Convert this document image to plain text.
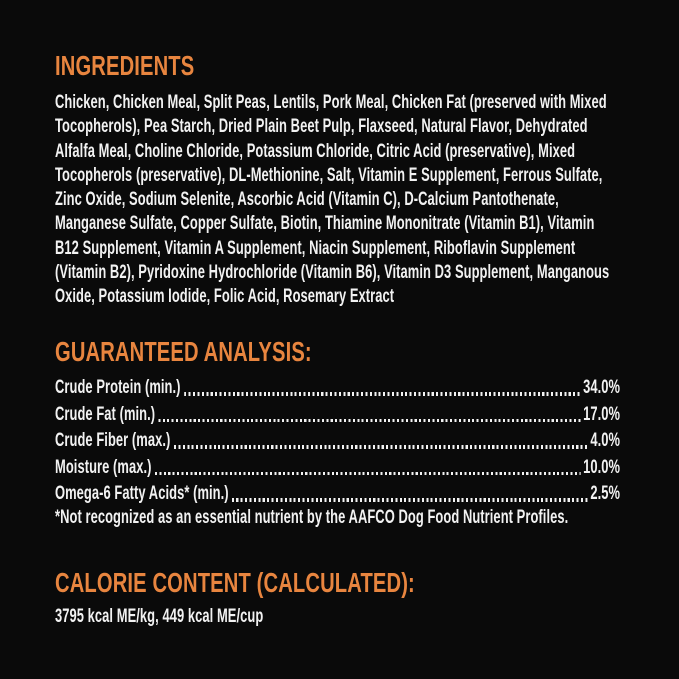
INGREDIENTS
Chicken, Chicken Meal, Split Peas, Lentils, Pork Meal, Chicken Fat (preserved with Mixed
Tocopherols), Pea Starch, Dried Plain Beet Pulp, Flaxseed, Natural Flavor, Dehydrated
Alfalfa Meal, Choline Chloride, Potassium Chloride, Citric Acid (preservative), Mixed
Tocopherols (preservative), DL-Methionine, Salt, Vitamin E Supplement, Ferrous Sulfate,
Zinc Oxide, Sodium Selenite, Ascorbic Acid (Vitamin C), D-Calcium Pantothenate,
Manganese Sulfate, Copper Sulfate, Biotin, Thiamine Mononitrate (Vitamin B1), Vitamin
B12 Supplement, Vitamin A Supplement, Niacin Supplement, Riboflavin Supplement
(Vitamin B2), Pyridoxine Hydrochloride (Vitamin B6), Vitamin D3 Supplement, Manganous
Oxide, Potassium Iodide, Folic Acid, Rosemary Extract
GUARANTEED ANALYSIS:
Crude Protein (min.)	34.0%
Crude Fat (min.)	17.0%
Crude Fiber (max.)	4.0%
Moisture (max.)	10.0%
Omega-6 Fatty Acids* (min.)	2.5%
*Not recognized as an essential nutrient by the AAFCO Dog Food Nutrient Profiles.
CALORIE CONTENT (CALCULATED):
3795 kcal ME/kg, 449 kcal ME/cup
